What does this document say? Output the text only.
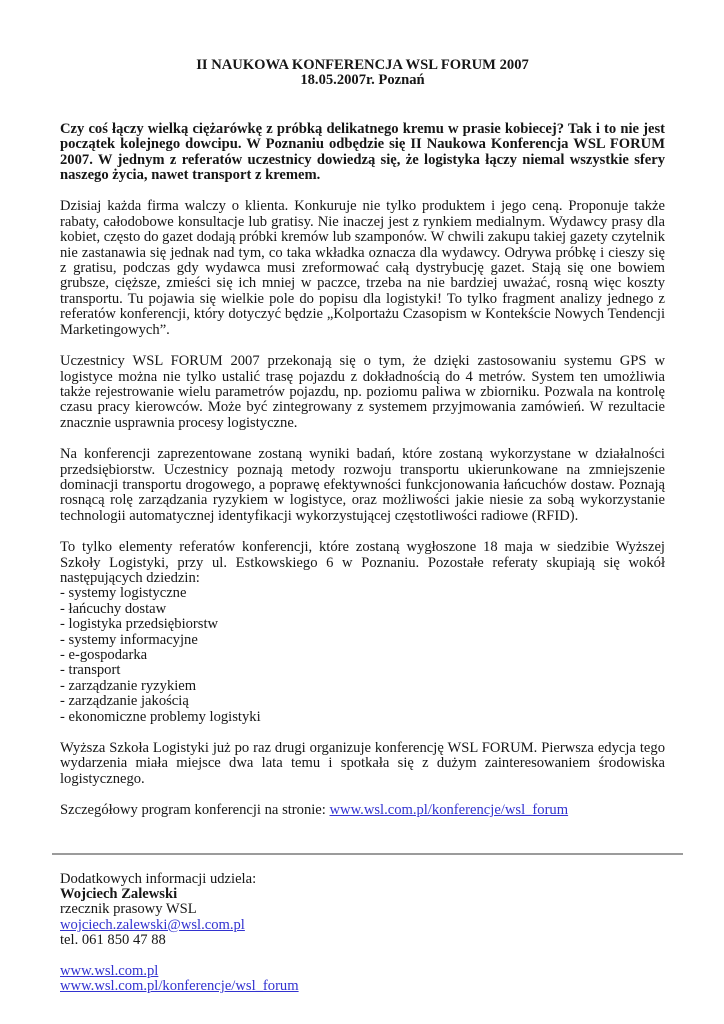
II NAUKOWA KONFERENCJA WSL FORUM 2007
18.05.2007r. Poznań

Czy coś łączy wielką ciężarówkę z próbką delikatnego kremu w prasie kobiecej? Tak i to nie jest początek kolejnego dowcipu. W Poznaniu odbędzie się II Naukowa Konferencja WSL FORUM 2007. W jednym z referatów uczestnicy dowiedzą się, że logistyka łączy niemal wszystkie sfery naszego życia, nawet transport z kremem.

Dzisiaj każda firma walczy o klienta. Konkuruje nie tylko produktem i jego ceną. Proponuje także rabaty, całodobowe konsultacje lub gratisy. Nie inaczej jest z rynkiem medialnym. Wydawcy prasy dla kobiet, często do gazet dodają próbki kremów lub szamponów. W chwili zakupu takiej gazety czytelnik nie zastanawia się jednak nad tym, co taka wkładka oznacza dla wydawcy. Odrywa próbkę i cieszy się z gratisu, podczas gdy wydawca musi zreformować całą dystrybucję gazet. Stają się one bowiem grubsze, cięższe, zmieści się ich mniej w paczce, trzeba na nie bardziej uważać, rosną więc koszty transportu. Tu pojawia się wielkie pole do popisu dla logistyki! To tylko fragment analizy jednego z referatów konferencji, który dotyczyć będzie „Kolportażu Czasopism w Kontekście Nowych Tendencji Marketingowych”.

Uczestnicy WSL FORUM 2007 przekonają się o tym, że dzięki zastosowaniu systemu GPS w logistyce można nie tylko ustalić trasę pojazdu z dokładnością do 4 metrów. System ten umożliwia także rejestrowanie wielu parametrów pojazdu, np. poziomu paliwa w zbiorniku. Pozwala na kontrolę czasu pracy kierowców. Może być zintegrowany z systemem przyjmowania zamówień. W rezultacie znacznie usprawnia procesy logistyczne.

Na konferencji zaprezentowane zostaną wyniki badań, które zostaną wykorzystane w działalności przedsiębiorstw. Uczestnicy poznają metody rozwoju transportu ukierunkowane na zmniejszenie dominacji transportu drogowego, a poprawę efektywności funkcjonowania łańcuchów dostaw. Poznają rosnącą rolę zarządzania ryzykiem w logistyce, oraz możliwości jakie niesie za sobą wykorzystanie technologii automatycznej identyfikacji wykorzystującej częstotliwości radiowe (RFID).

To tylko elementy referatów konferencji, które zostaną wygłoszone 18 maja w siedzibie Wyższej Szkoły Logistyki, przy ul. Estkowskiego 6 w Poznaniu. Pozostałe referaty skupiają się wokół następujących dziedzin:

- systemy logistyczne
- łańcuchy dostaw
- logistyka przedsiębiorstw
- systemy informacyjne
- e-gospodarka
- transport
- zarządzanie ryzykiem
- zarządzanie jakością
- ekonomiczne problemy logistyki

Wyższa Szkoła Logistyki już po raz drugi organizuje konferencję WSL FORUM. Pierwsza edycja tego wydarzenia miała miejsce dwa lata temu i spotkała się z dużym zainteresowaniem środowiska logistycznego.

Szczegółowy program konferencji na stronie: www.wsl.com.pl/konferencje/wsl_forum

Dodatkowych informacji udziela:
Wojciech Zalewski
rzecznik prasowy WSL
wojciech.zalewski@wsl.com.pl
tel. 061 850 47 88
www.wsl.com.pl
www.wsl.com.pl/konferencje/wsl_forum
